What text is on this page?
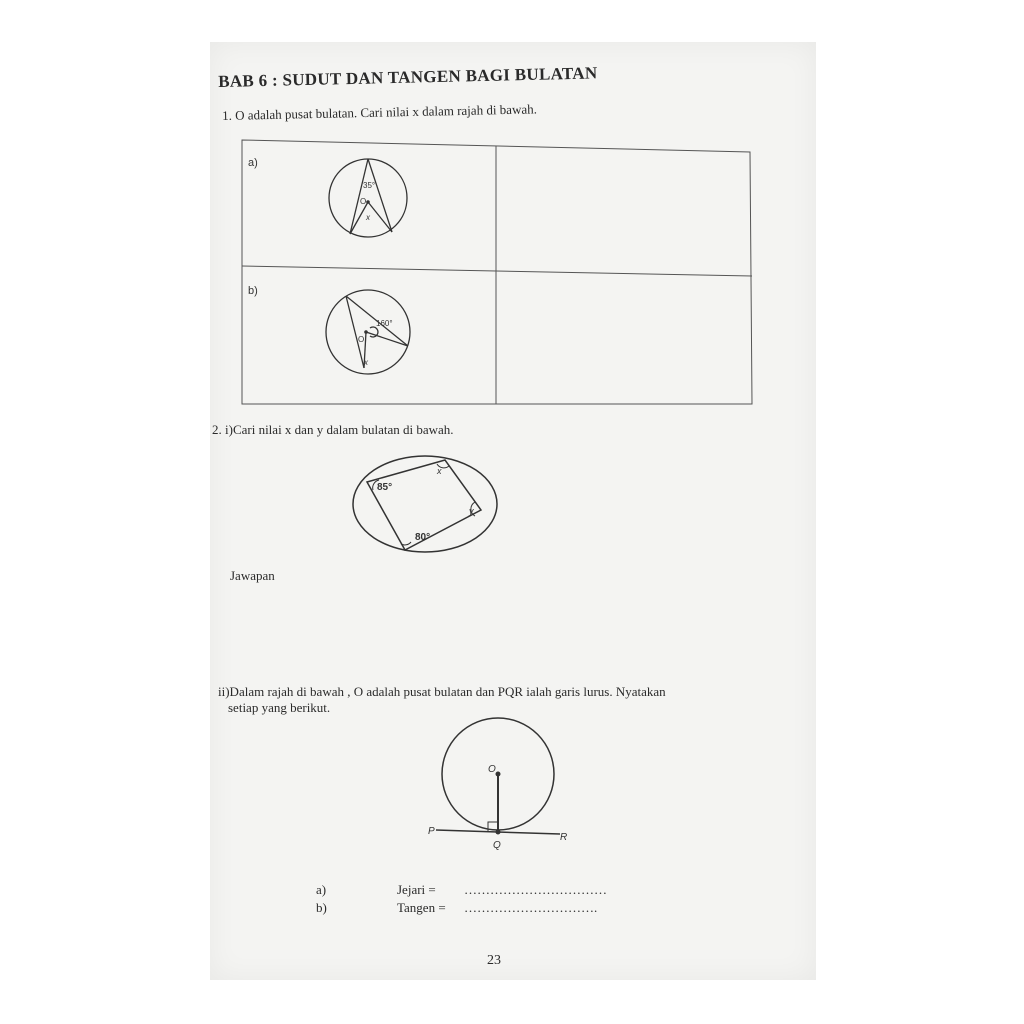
BAB 6 : SUDUT DAN TANGEN BAGI BULATAN
1. O adalah pusat bulatan. Cari nilai x dalam rajah di bawah.
a)
35°
O
x
b)
160°
O
x
2. i)Cari nilai x dan y dalam bulatan di bawah.
85°
80°
x
y
Jawapan
ii)Dalam rajah di bawah , O adalah pusat bulatan dan PQR ialah garis lurus. Nyatakan
setiap yang berikut.
O
P
Q
R
a)	Jejari = ……………………………
b)	Tangen = ………………………….
23
